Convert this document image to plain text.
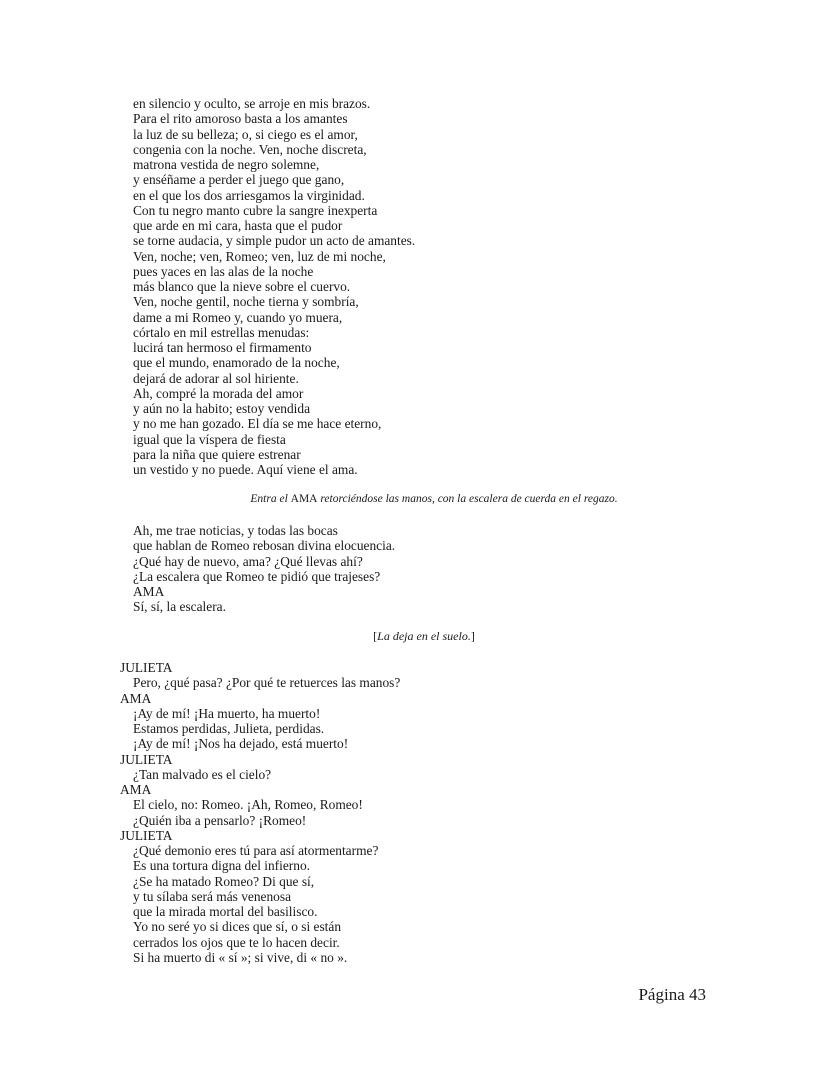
en silencio y oculto, se arroje en mis brazos.
Para el rito amoroso basta a los amantes
la luz de su belleza; o, si ciego es el amor,
congenia con la noche. Ven, noche discreta,
matrona vestida de negro solemne,
y enséñame a perder el juego que gano,
en el que los dos arriesgamos la virginidad.
Con tu negro manto cubre la sangre inexperta
que arde en mi cara, hasta que el pudor
se torne audacia, y simple pudor un acto de amantes.
Ven, noche; ven, Romeo; ven, luz de mi noche,
pues yaces en las alas de la noche
más blanco que la nieve sobre el cuervo.
Ven, noche gentil, noche tierna y sombría,
dame a mi Romeo y, cuando yo muera,
córtalo en mil estrellas menudas:
lucirá tan hermoso el firmamento
que el mundo, enamorado de la noche,
dejará de adorar al sol hiriente.
Ah, compré la morada del amor
y aún no la habito; estoy vendida
y no me han gozado. El día se me hace eterno,
igual que la víspera de fiesta
para la niña que quiere estrenar
un vestido y no puede. Aquí viene el ama.
Entra el AMA retorciéndose las manos, con la escalera de cuerda en el regazo.
Ah, me trae noticias, y todas las bocas
que hablan de Romeo rebosan divina elocuencia.
¿Qué hay de nuevo, ama? ¿Qué llevas ahí?
¿La escalera que Romeo te pidió que trajeses?
AMA
Sí, sí, la escalera.
[La deja en el suelo.]
JULIETA
Pero, ¿qué pasa? ¿Por qué te retuerces las manos?
AMA
¡Ay de mí! ¡Ha muerto, ha muerto!
Estamos perdidas, Julieta, perdidas.
¡Ay de mí! ¡Nos ha dejado, está muerto!
JULIETA
¿Tan malvado es el cielo?
AMA
El cielo, no: Romeo. ¡Ah, Romeo, Romeo!
¿Quién iba a pensarlo? ¡Romeo!
JULIETA
¿Qué demonio eres tú para así atormentarme?
Es una tortura digna del infierno.
¿Se ha matado Romeo? Di que sí,
y tu sílaba será más venenosa
que la mirada mortal del basilisco.
Yo no seré yo si dices que sí, o si están
cerrados los ojos que te lo hacen decir.
Si ha muerto di « sí »; si vive, di « no ».
Página 43
